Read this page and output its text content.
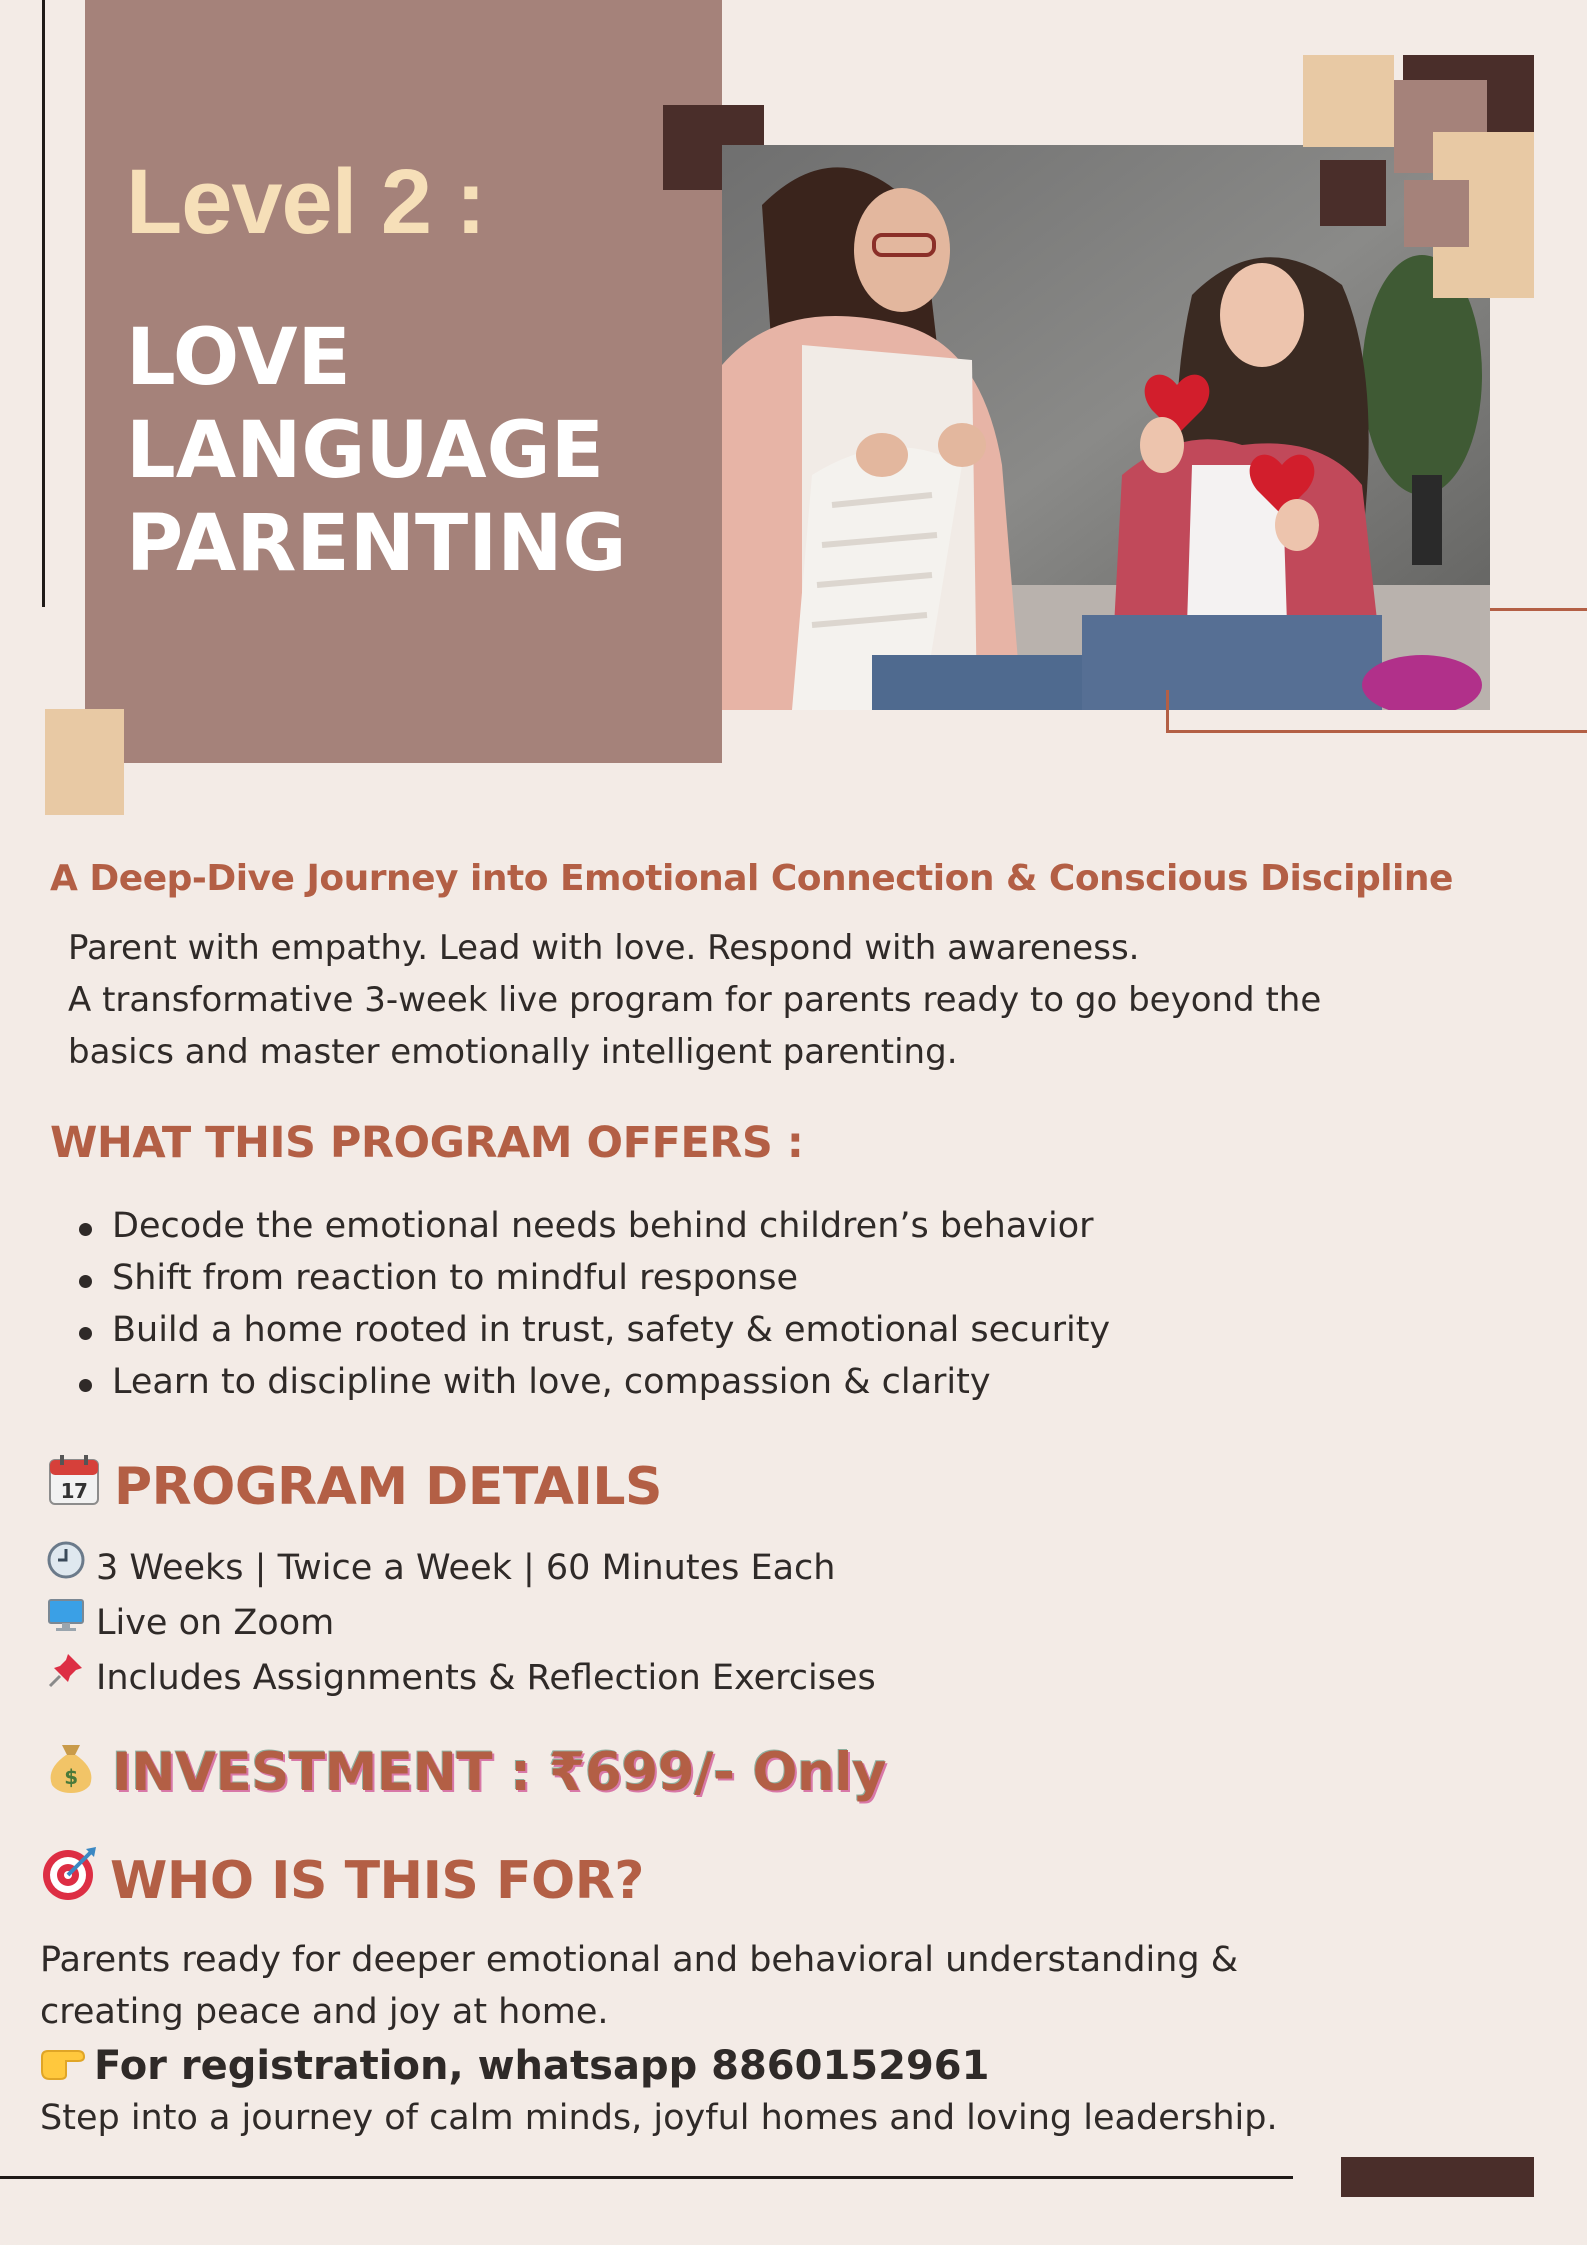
Level 2 :
LOVE
LANGUAGE
PARENTING
A Deep-Dive Journey into Emotional Connection & Conscious Discipline
Parent with empathy. Lead with love. Respond with awareness.
A transformative 3-week live program for parents ready to go beyond the
basics and master emotionally intelligent parenting.
WHAT THIS PROGRAM OFFERS :
Decode the emotional needs behind children’s behavior
Shift from reaction to mindful response
Build a home rooted in trust, safety & emotional security
Learn to discipline with love, compassion & clarity
17 PROGRAM DETAILS
3 Weeks | Twice a Week | 60 Minutes Each
Live on Zoom
Includes Assignments & Reflection Exercises
$ INVESTMENT : ₹699/- Only
WHO IS THIS FOR?
Parents ready for deeper emotional and behavioral understanding &
creating peace and joy at home.
For registration, whatsapp 8860152961
Step into a journey of calm minds, joyful homes and loving leadership.
